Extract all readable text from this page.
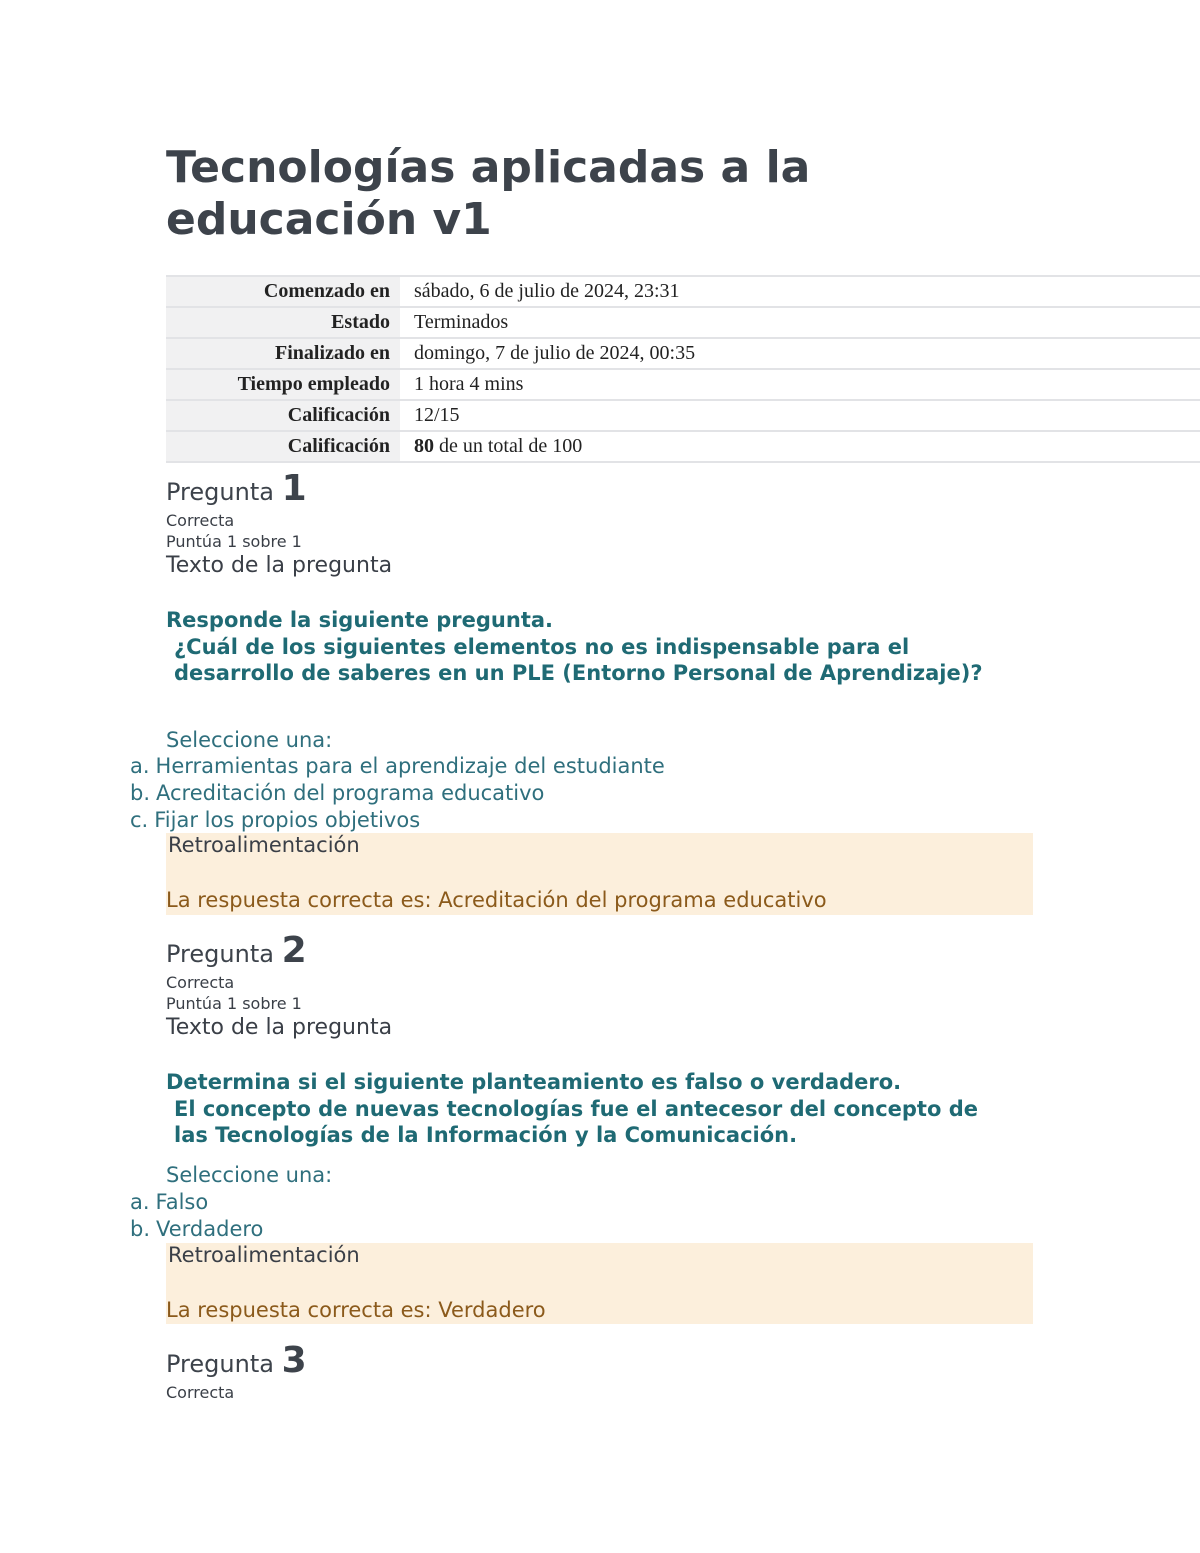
Tecnologías aplicadas a la educación v1
Comenzado en	sábado, 6 de julio de 2024, 23:31
Estado	Terminados
Finalizado en	domingo, 7 de julio de 2024, 00:35
Tiempo empleado	1 hora 4 mins
Calificación	12/15
Calificación	80 de un total de 100
Pregunta 1
Correcta
Puntúa 1 sobre 1
Texto de la pregunta
Responde la siguiente pregunta.
¿Cuál de los siguientes elementos no es indispensable para el desarrollo de saberes en un PLE (Entorno Personal de Aprendizaje)?
Seleccione una:
a. Herramientas para el aprendizaje del estudiante
b. Acreditación del programa educativo
c. Fijar los propios objetivos
Retroalimentación
La respuesta correcta es: Acreditación del programa educativo
Pregunta 2
Correcta
Puntúa 1 sobre 1
Texto de la pregunta
Determina si el siguiente planteamiento es falso o verdadero.
El concepto de nuevas tecnologías fue el antecesor del concepto de las Tecnologías de la Información y la Comunicación.
Seleccione una:
a. Falso
b. Verdadero
Retroalimentación
La respuesta correcta es: Verdadero
Pregunta 3
Correcta
